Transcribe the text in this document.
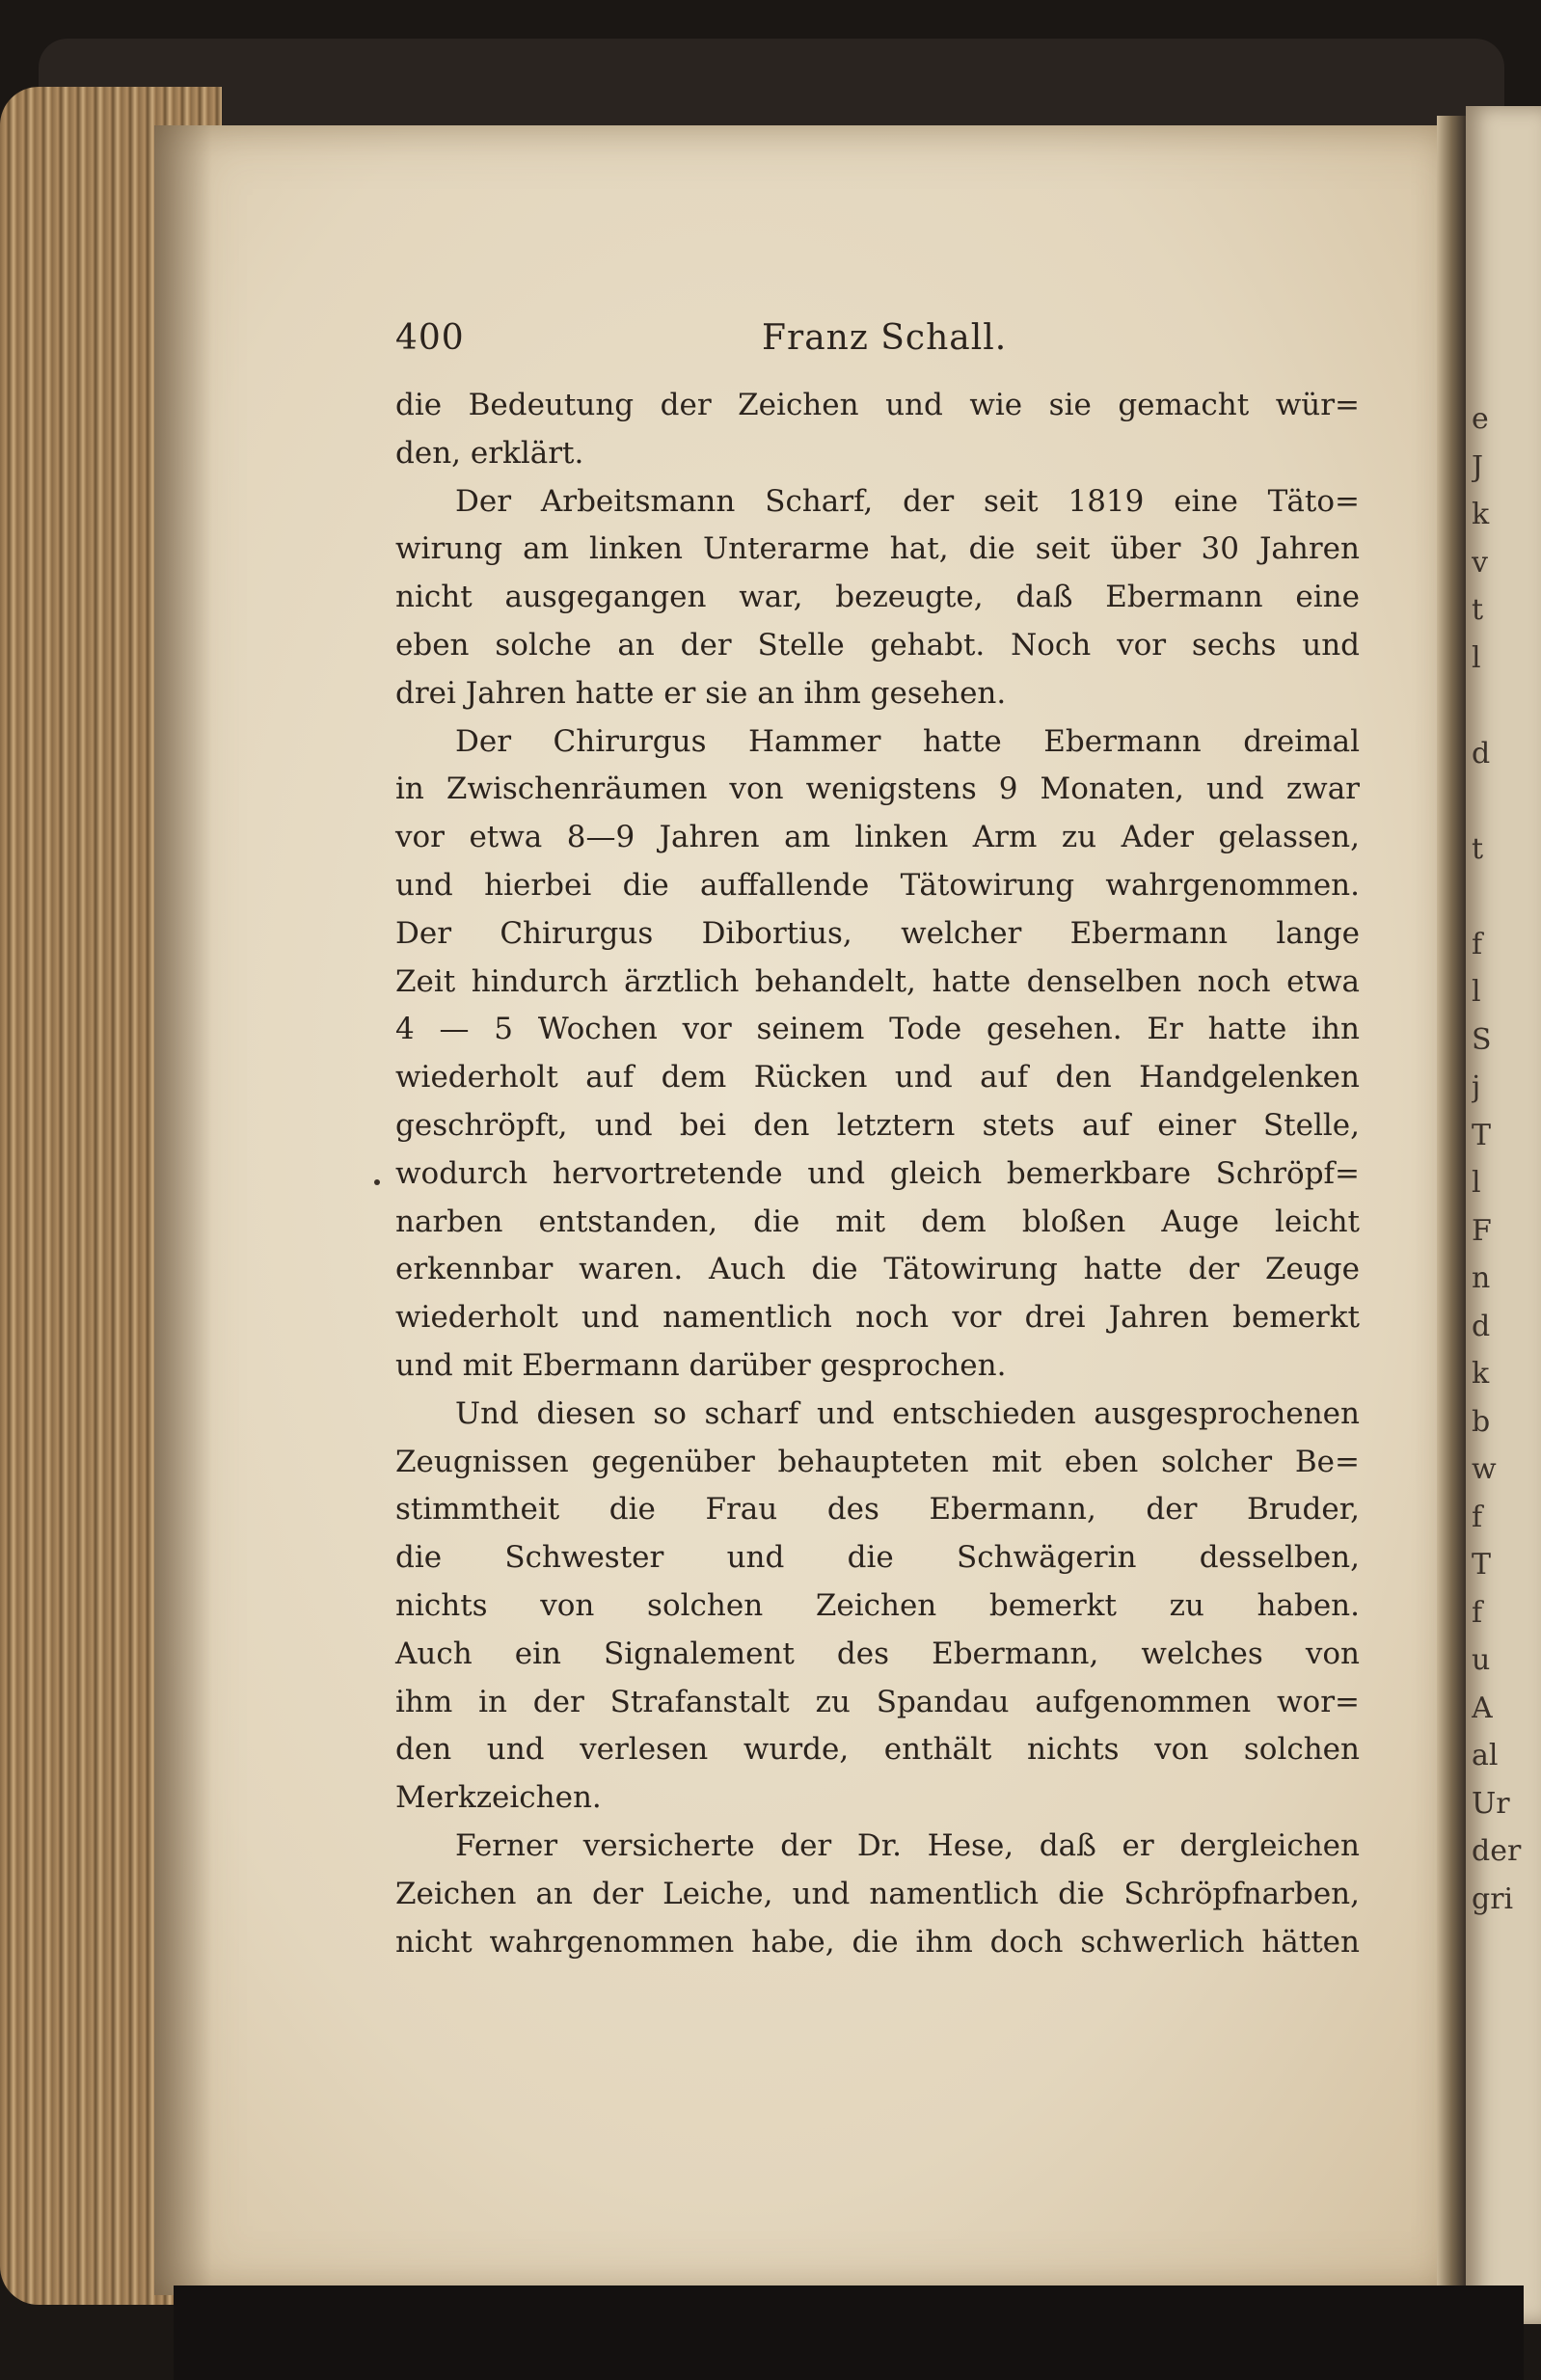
e
J
k
v
t
l
d
t
f
l
S
j
T
l
F
n
d
k
b
w
f
T
f
u
A
al
Ur
der
gri
400	Franz Schall.
die Bedeutung der Zeichen und wie sie gemacht wür=
den, erklärt.
Der Arbeitsmann Scharf, der seit 1819 eine Täto=
wirung am linken Unterarme hat, die seit über 30 Jahren
nicht ausgegangen war, bezeugte, daß Ebermann eine
eben solche an der Stelle gehabt. Noch vor sechs und
drei Jahren hatte er sie an ihm gesehen.
Der Chirurgus Hammer hatte Ebermann dreimal
in Zwischenräumen von wenigstens 9 Monaten, und zwar
vor etwa 8—9 Jahren am linken Arm zu Ader gelassen,
und hierbei die auffallende Tätowirung wahrgenommen.
Der Chirurgus Dibortius, welcher Ebermann lange
Zeit hindurch ärztlich behandelt, hatte denselben noch etwa
4 — 5 Wochen vor seinem Tode gesehen. Er hatte ihn
wiederholt auf dem Rücken und auf den Handgelenken
geschröpft, und bei den letztern stets auf einer Stelle,
wodurch hervortretende und gleich bemerkbare Schröpf=
narben entstanden, die mit dem bloßen Auge leicht
erkennbar waren. Auch die Tätowirung hatte der Zeuge
wiederholt und namentlich noch vor drei Jahren bemerkt
und mit Ebermann darüber gesprochen.
Und diesen so scharf und entschieden ausgesprochenen
Zeugnissen gegenüber behaupteten mit eben solcher Be=
stimmtheit die Frau des Ebermann, der Bruder,
die Schwester und die Schwägerin desselben,
nichts von solchen Zeichen bemerkt zu haben.
Auch ein Signalement des Ebermann, welches von
ihm in der Strafanstalt zu Spandau aufgenommen wor=
den und verlesen wurde, enthält nichts von solchen
Merkzeichen.
Ferner versicherte der Dr. Hese, daß er dergleichen
Zeichen an der Leiche, und namentlich die Schröpfnarben,
nicht wahrgenommen habe, die ihm doch schwerlich hätten
